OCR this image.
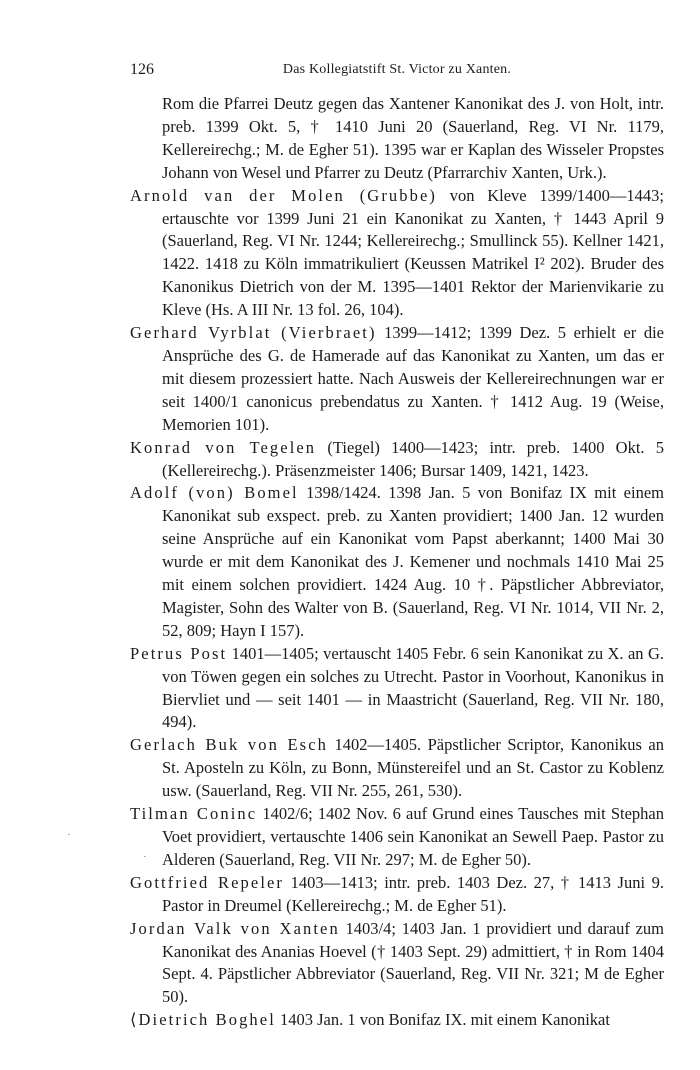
126	Das Kollegiatstift St. Victor zu Xanten.
·
·

Rom die Pfarrei Deutz gegen das Xantener Kanonikat des J. von Holt, intr. preb. 1399 Okt. 5, † 1410 Juni 20 (Sauerland, Reg. VI Nr. 1179, Kellereirechg.; M. de Egher 51). 1395 war er Kaplan des Wisseler Propstes Johann von Wesel und Pfarrer zu Deutz (Pfarrarchiv Xanten, Urk.).

Arnold van der Molen (Grubbe) von Kleve 1399/1400—1443; ertauschte vor 1399 Juni 21 ein Kanonikat zu Xanten, † 1443 April 9 (Sauerland, Reg. VI Nr. 1244; Kellereirechg.; Smullinck 55). Kellner 1421, 1422. 1418 zu Köln immatrikuliert (Keussen Matrikel I² 202). Bruder des Kanonikus Dietrich von der M. 1395—1401 Rektor der Marienvikarie zu Kleve (Hs. A III Nr. 13 fol. 26, 104).

Gerhard Vyrblat (Vierbraet) 1399—1412; 1399 Dez. 5 erhielt er die Ansprüche des G. de Hamerade auf das Kanonikat zu Xanten, um das er mit diesem prozessiert hatte. Nach Ausweis der Kellereirechnungen war er seit 1400/1 canonicus prebendatus zu Xanten. † 1412 Aug. 19 (Weise, Memorien 101).

Konrad von Tegelen (Tiegel) 1400—1423; intr. preb. 1400 Okt. 5 (Kellereirechg.). Präsenzmeister 1406; Bursar 1409, 1421, 1423.

Adolf (von) Bomel 1398/1424. 1398 Jan. 5 von Bonifaz IX mit einem Kanonikat sub exspect. preb. zu Xanten providiert; 1400 Jan. 12 wurden seine Ansprüche auf ein Kanonikat vom Papst aberkannt; 1400 Mai 30 wurde er mit dem Kanonikat des J. Kemener und nochmals 1410 Mai 25 mit einem solchen providiert. 1424 Aug. 10 †. Päpstlicher Abbreviator, Magister, Sohn des Walter von B. (Sauerland, Reg. VI Nr. 1014, VII Nr. 2, 52, 809; Hayn I 157).

Petrus Post 1401—1405; vertauscht 1405 Febr. 6 sein Kanonikat zu X. an G. von Töwen gegen ein solches zu Utrecht. Pastor in Voorhout, Kanonikus in Biervliet und — seit 1401 — in Maastricht (Sauerland, Reg. VII Nr. 180, 494).

Gerlach Buk von Esch 1402—1405. Päpstlicher Scriptor, Kanonikus an St. Aposteln zu Köln, zu Bonn, Münstereifel und an St. Castor zu Koblenz usw. (Sauerland, Reg. VII Nr. 255, 261, 530).

Tilman Coninc 1402/6; 1402 Nov. 6 auf Grund eines Tausches mit Stephan Voet providiert, vertauschte 1406 sein Kanonikat an Sewell Paep. Pastor zu Alderen (Sauerland, Reg. VII Nr. 297; M. de Egher 50).

Gottfried Repeler 1403—1413; intr. preb. 1403 Dez. 27, † 1413 Juni 9. Pastor in Dreumel (Kellereirechg.; M. de Egher 51).

Jordan Valk von Xanten 1403/4; 1403 Jan. 1 providiert und darauf zum Kanonikat des Ananias Hoevel († 1403 Sept. 29) admittiert, † in Rom 1404 Sept. 4. Päpstlicher Abbreviator (Sauerland, Reg. VII Nr. 321; M de Egher 50).

⟨Dietrich Boghel 1403 Jan. 1 von Bonifaz IX. mit einem Kanonikat
